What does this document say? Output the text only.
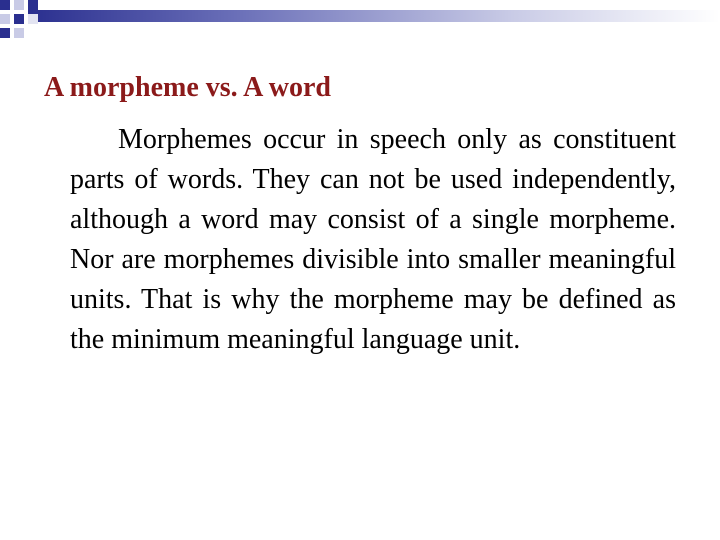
A morpheme vs. A word

Morphemes occur in speech only as constituent parts of words. They can not be used independently, although a word may consist of a single morpheme. Nor are morphemes divisible into smaller meaningful units. That is why the morpheme may be defined as the minimum meaningful language unit.
